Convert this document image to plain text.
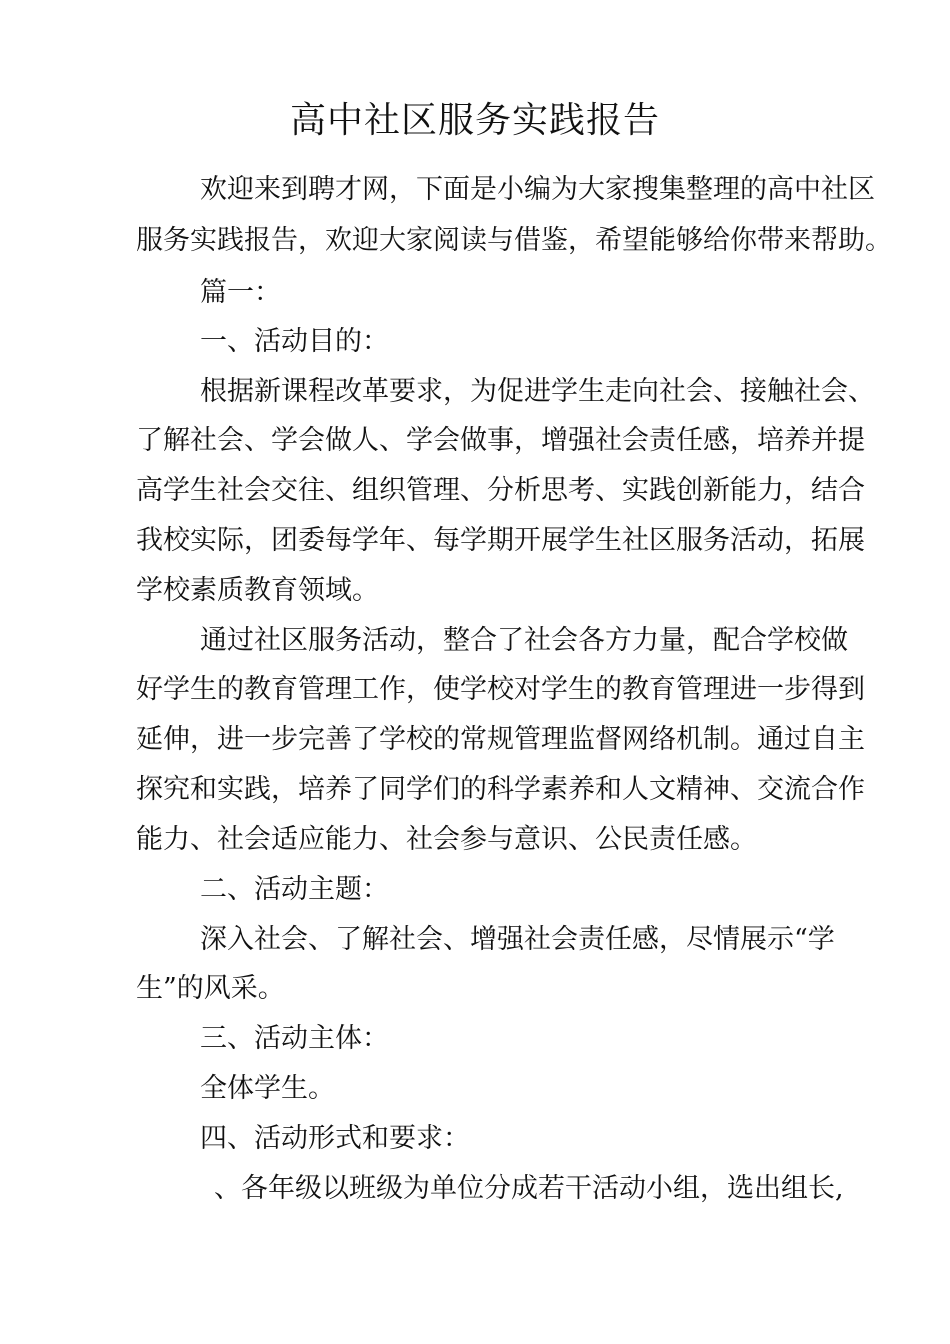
高中社区服务实践报告
欢迎来到聘才网，下面是小编为大家搜集整理的高中社区
服务实践报告，欢迎大家阅读与借鉴，希望能够给你带来帮助。
篇一：
一、活动目的：
根据新课程改革要求，为促进学生走向社会、接触社会、
了解社会、学会做人、学会做事，增强社会责任感，培养并提
高学生社会交往、组织管理、分析思考、实践创新能力，结合
我校实际，团委每学年、每学期开展学生社区服务活动，拓展
学校素质教育领域。
通过社区服务活动，整合了社会各方力量，配合学校做
好学生的教育管理工作，使学校对学生的教育管理进一步得到
延伸，进一步完善了学校的常规管理监督网络机制。通过自主
探究和实践，培养了同学们的科学素养和人文精神、交流合作
能力、社会适应能力、社会参与意识、公民责任感。
二、活动主题：
深入社会、了解社会、增强社会责任感，尽情展示“学
生”的风采。
三、活动主体：
全体学生。
四、活动形式和要求：
、各年级以班级为单位分成若干活动小组，选出组长,
